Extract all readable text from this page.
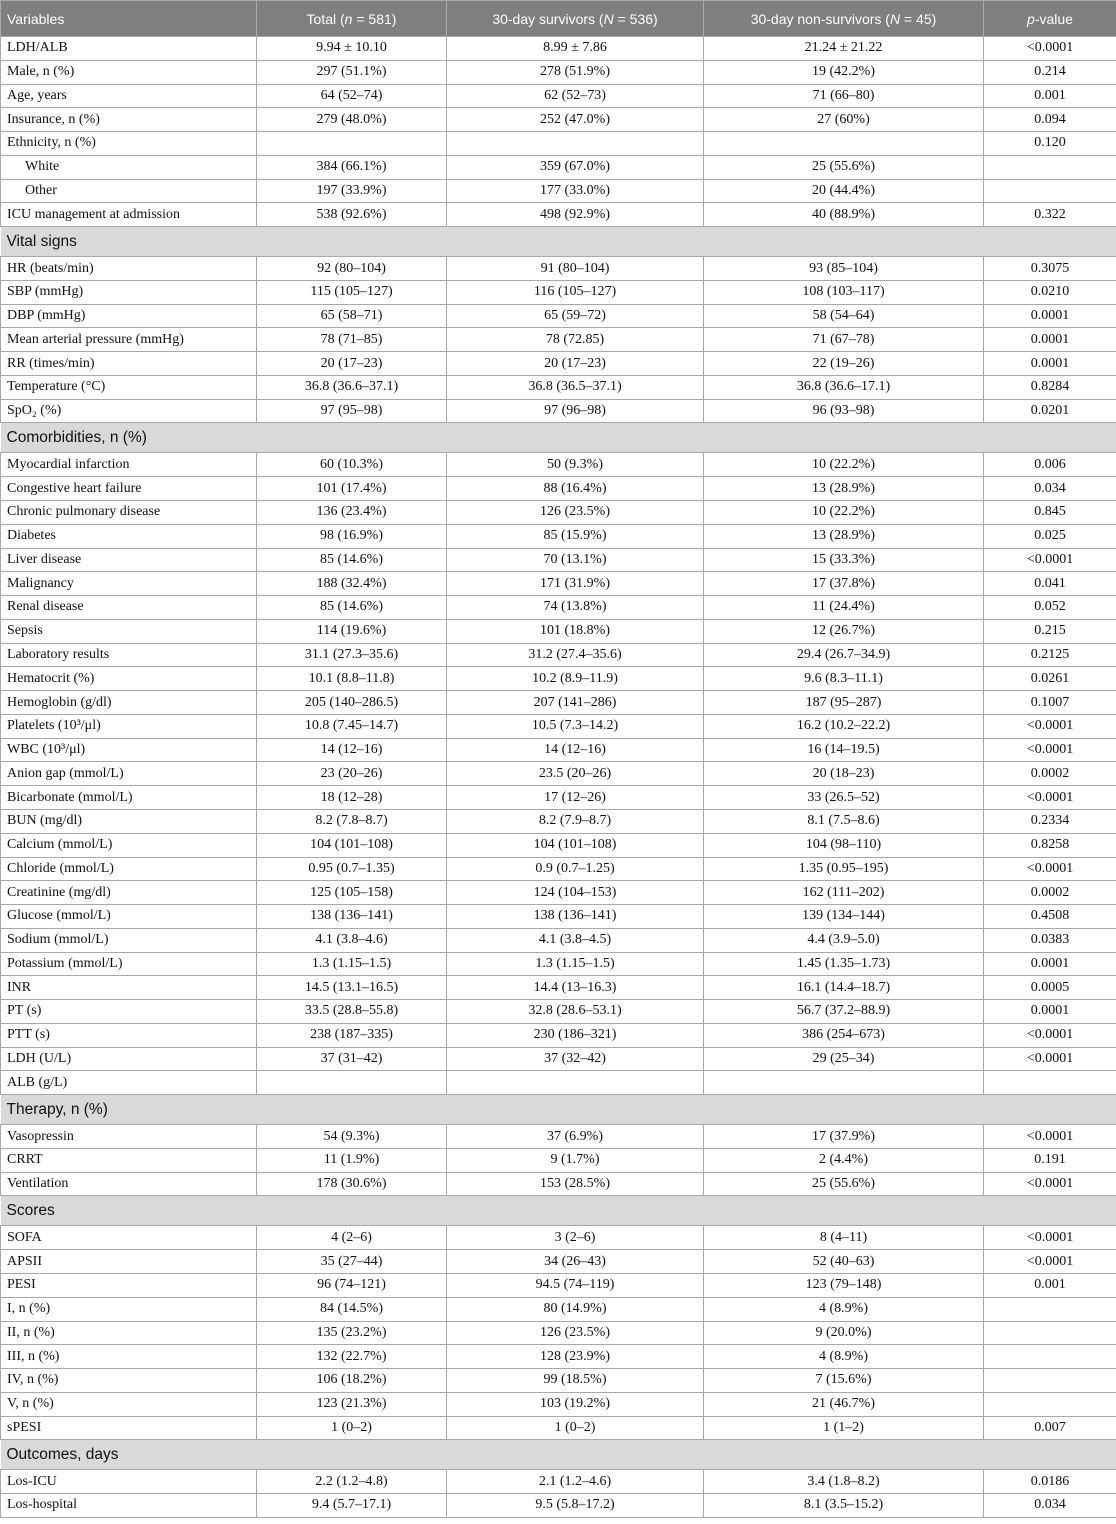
Variables	Total (n = 581)	30-day survivors (N = 536)	30-day non-survivors (N = 45)	p-value
LDH/ALB	9.94 ± 10.10	8.99 ± 7.86	21.24 ± 21.22	<0.0001
Male, n (%)	297 (51.1%)	278 (51.9%)	19 (42.2%)	0.214
Age, years	64 (52–74)	62 (52–73)	71 (66–80)	0.001
Insurance, n (%)	279 (48.0%)	252 (47.0%)	27 (60%)	0.094
Ethnicity, n (%)				0.120
White	384 (66.1%)	359 (67.0%)	25 (55.6%)	
Other	197 (33.9%)	177 (33.0%)	20 (44.4%)	
ICU management at admission	538 (92.6%)	498 (92.9%)	40 (88.9%)	0.322
Vital signs				
HR (beats/min)	92 (80–104)	91 (80–104)	93 (85–104)	0.3075
SBP (mmHg)	115 (105–127)	116 (105–127)	108 (103–117)	0.0210
DBP (mmHg)	65 (58–71)	65 (59–72)	58 (54–64)	0.0001
Mean arterial pressure (mmHg)	78 (71–85)	78 (72.85)	71 (67–78)	0.0001
RR (times/min)	20 (17–23)	20 (17–23)	22 (19–26)	0.0001
Temperature (°C)	36.8 (36.6–37.1)	36.8 (36.5–37.1)	36.8 (36.6–17.1)	0.8284
SpO₂ (%)	97 (95–98)	97 (96–98)	96 (93–98)	0.0201
Comorbidities, n (%)				
Myocardial infarction	60 (10.3%)	50 (9.3%)	10 (22.2%)	0.006
Congestive heart failure	101 (17.4%)	88 (16.4%)	13 (28.9%)	0.034
Chronic pulmonary disease	136 (23.4%)	126 (23.5%)	10 (22.2%)	0.845
Diabetes	98 (16.9%)	85 (15.9%)	13 (28.9%)	0.025
Liver disease	85 (14.6%)	70 (13.1%)	15 (33.3%)	<0.0001
Malignancy	188 (32.4%)	171 (31.9%)	17 (37.8%)	0.041
Renal disease	85 (14.6%)	74 (13.8%)	11 (24.4%)	0.052
Sepsis	114 (19.6%)	101 (18.8%)	12 (26.7%)	0.215
Laboratory results	31.1 (27.3–35.6)	31.2 (27.4–35.6)	29.4 (26.7–34.9)	0.2125
Hematocrit (%)	10.1 (8.8–11.8)	10.2 (8.9–11.9)	9.6 (8.3–11.1)	0.0261
Hemoglobin (g/dl)	205 (140–286.5)	207 (141–286)	187 (95–287)	0.1007
Platelets (10³/μl)	10.8 (7.45–14.7)	10.5 (7.3–14.2)	16.2 (10.2–22.2)	<0.0001
WBC (10³/μl)	14 (12–16)	14 (12–16)	16 (14–19.5)	<0.0001
Anion gap (mmol/L)	23 (20–26)	23.5 (20–26)	20 (18–23)	0.0002
Bicarbonate (mmol/L)	18 (12–28)	17 (12–26)	33 (26.5–52)	<0.0001
BUN (mg/dl)	8.2 (7.8–8.7)	8.2 (7.9–8.7)	8.1 (7.5–8.6)	0.2334
Calcium (mmol/L)	104 (101–108)	104 (101–108)	104 (98–110)	0.8258
Chloride (mmol/L)	0.95 (0.7–1.35)	0.9 (0.7–1.25)	1.35 (0.95–195)	<0.0001
Creatinine (mg/dl)	125 (105–158)	124 (104–153)	162 (111–202)	0.0002
Glucose (mmol/L)	138 (136–141)	138 (136–141)	139 (134–144)	0.4508
Sodium (mmol/L)	4.1 (3.8–4.6)	4.1 (3.8–4.5)	4.4 (3.9–5.0)	0.0383
Potassium (mmol/L)	1.3 (1.15–1.5)	1.3 (1.15–1.5)	1.45 (1.35–1.73)	0.0001
INR	14.5 (13.1–16.5)	14.4 (13–16.3)	16.1 (14.4–18.7)	0.0005
PT (s)	33.5 (28.8–55.8)	32.8 (28.6–53.1)	56.7 (37.2–88.9)	0.0001
PTT (s)	238 (187–335)	230 (186–321)	386 (254–673)	<0.0001
LDH (U/L)	37 (31–42)	37 (32–42)	29 (25–34)	<0.0001
ALB (g/L)				
Therapy, n (%)				
Vasopressin	54 (9.3%)	37 (6.9%)	17 (37.9%)	<0.0001
CRRT	11 (1.9%)	9 (1.7%)	2 (4.4%)	0.191
Ventilation	178 (30.6%)	153 (28.5%)	25 (55.6%)	<0.0001
Scores				
SOFA	4 (2–6)	3 (2–6)	8 (4–11)	<0.0001
APSII	35 (27–44)	34 (26–43)	52 (40–63)	<0.0001
PESI	96 (74–121)	94.5 (74–119)	123 (79–148)	0.001
I, n (%)	84 (14.5%)	80 (14.9%)	4 (8.9%)	
II, n (%)	135 (23.2%)	126 (23.5%)	9 (20.0%)	
III, n (%)	132 (22.7%)	128 (23.9%)	4 (8.9%)	
IV, n (%)	106 (18.2%)	99 (18.5%)	7 (15.6%)	
V, n (%)	123 (21.3%)	103 (19.2%)	21 (46.7%)	
sPESI	1 (0–2)	1 (0–2)	1 (1–2)	0.007
Outcomes, days				
Los-ICU	2.2 (1.2–4.8)	2.1 (1.2–4.6)	3.4 (1.8–8.2)	0.0186
Los-hospital	9.4 (5.7–17.1)	9.5 (5.8–17.2)	8.1 (3.5–15.2)	0.034
